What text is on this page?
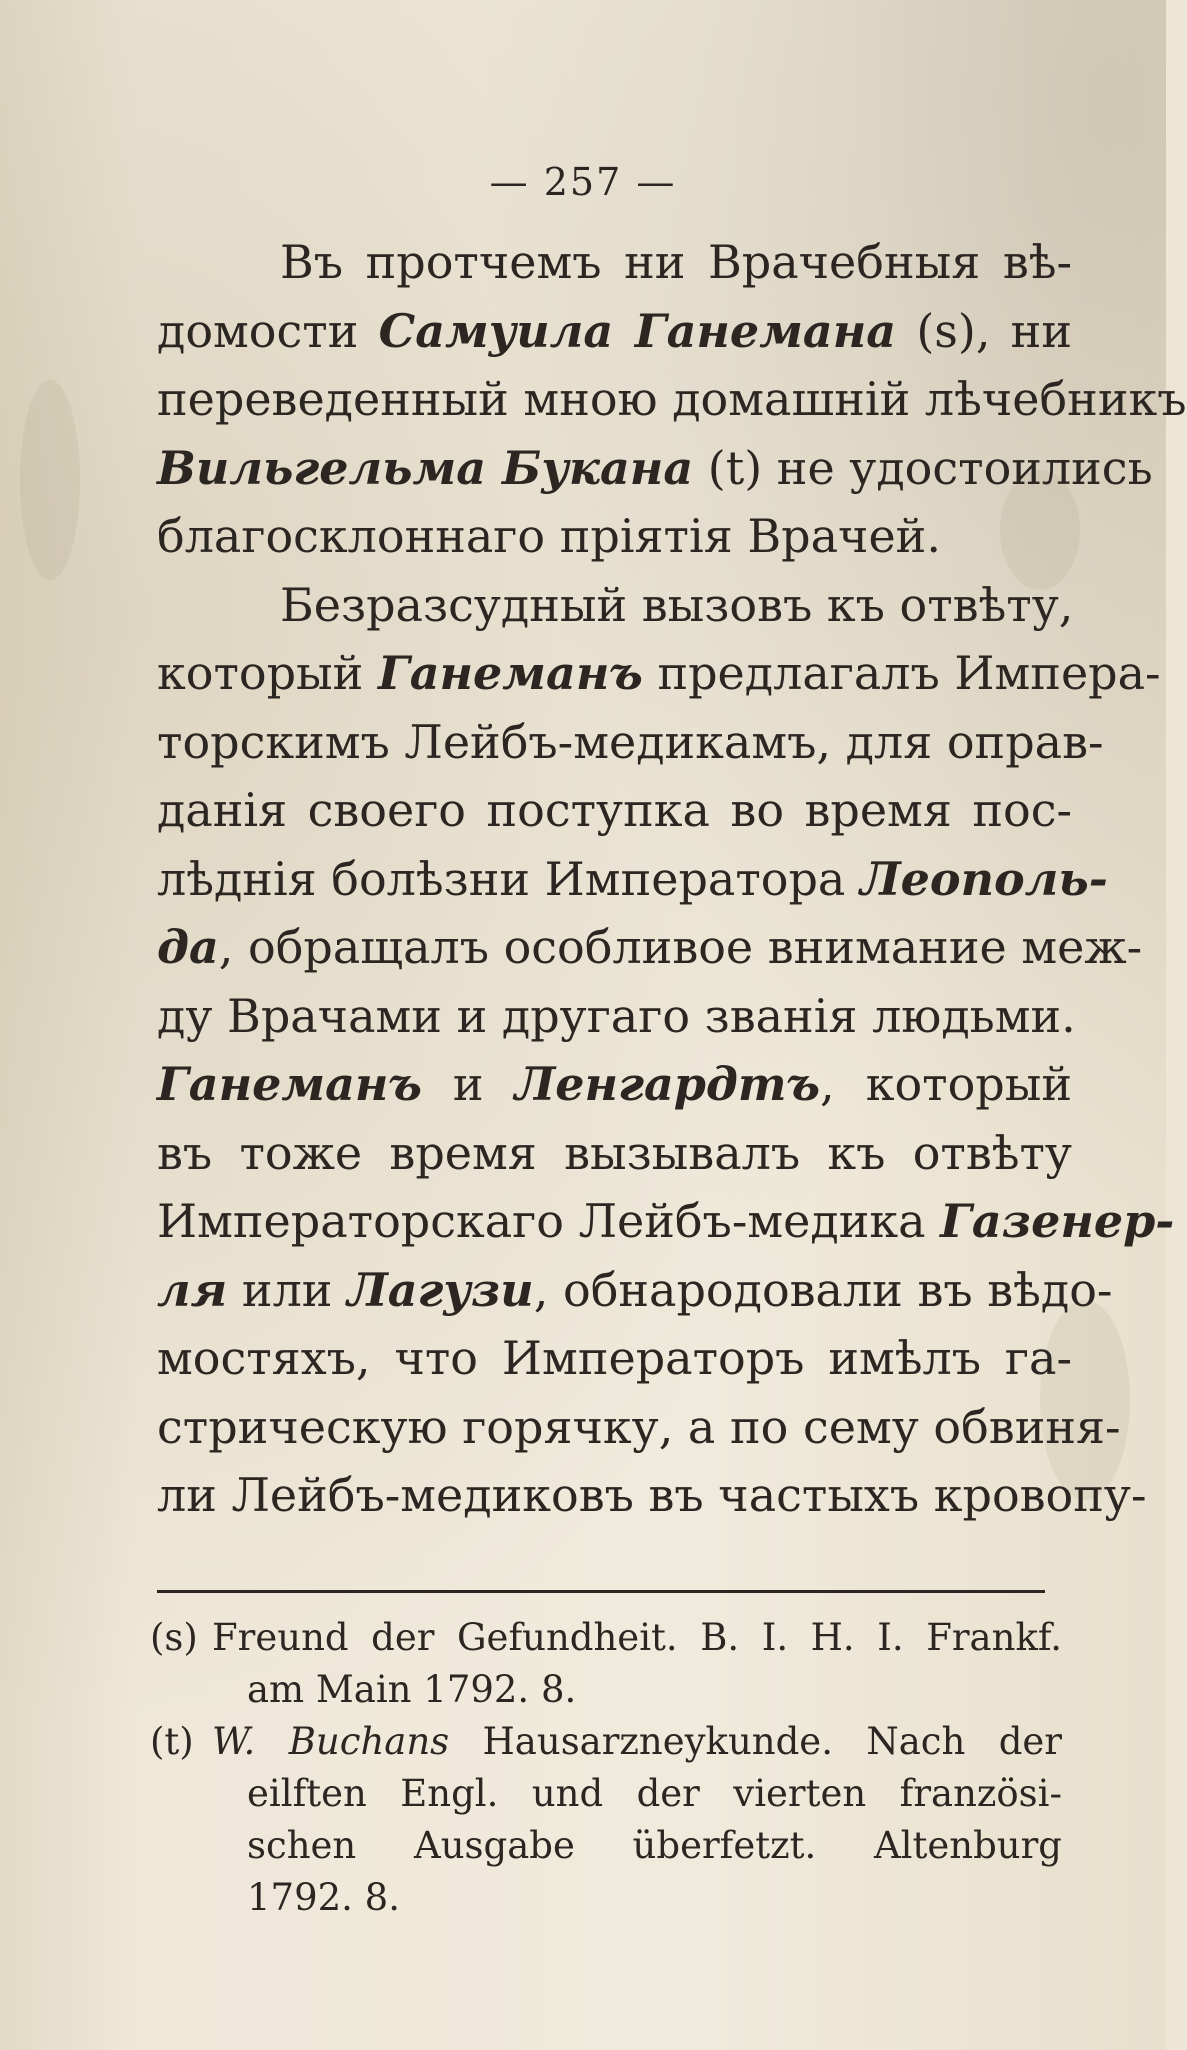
— 257 —
Въ протчемъ ни Врачебныя вѣ-
домости Самуила Ганемана (s), ни
переведенный мною домашній лѣчебникъ
Вильгельма Букана (t) не удостоились
благосклоннаго прiятiя Врачей.
Безразсудный вызовъ къ отвѣту,
который Ганеманъ предлагалъ Импера-
торскимъ Лейбъ-медикамъ, для оправ-
данiя своего поступка во время пос-
лѣднiя болѣзни Императора Леополь-
да, обращалъ особливое внимание меж-
ду Врачами и другаго званiя людьми.
Ганеманъ и Ленгардтъ, который
въ тоже время вызывалъ къ отвѣту
Императорскаго Лейбъ-медика Газенер-
ля или Лагузи, обнародовали въ вѣдо-
мостяхъ, что Императоръ имѣлъ га-
стрическую горячку, а по сему обвиня-
ли Лейбъ-медиковъ въ частыхъ кровопу-
(s) Freund der Gefundheit. B. I. H. I. Frankf.
am Main 1792. 8.
(t) W. Buchans Hausarzneykunde. Nach der
eilften Engl. und der vierten französi-
schen Ausgabe überfetzt. Altenburg
1792. 8.
